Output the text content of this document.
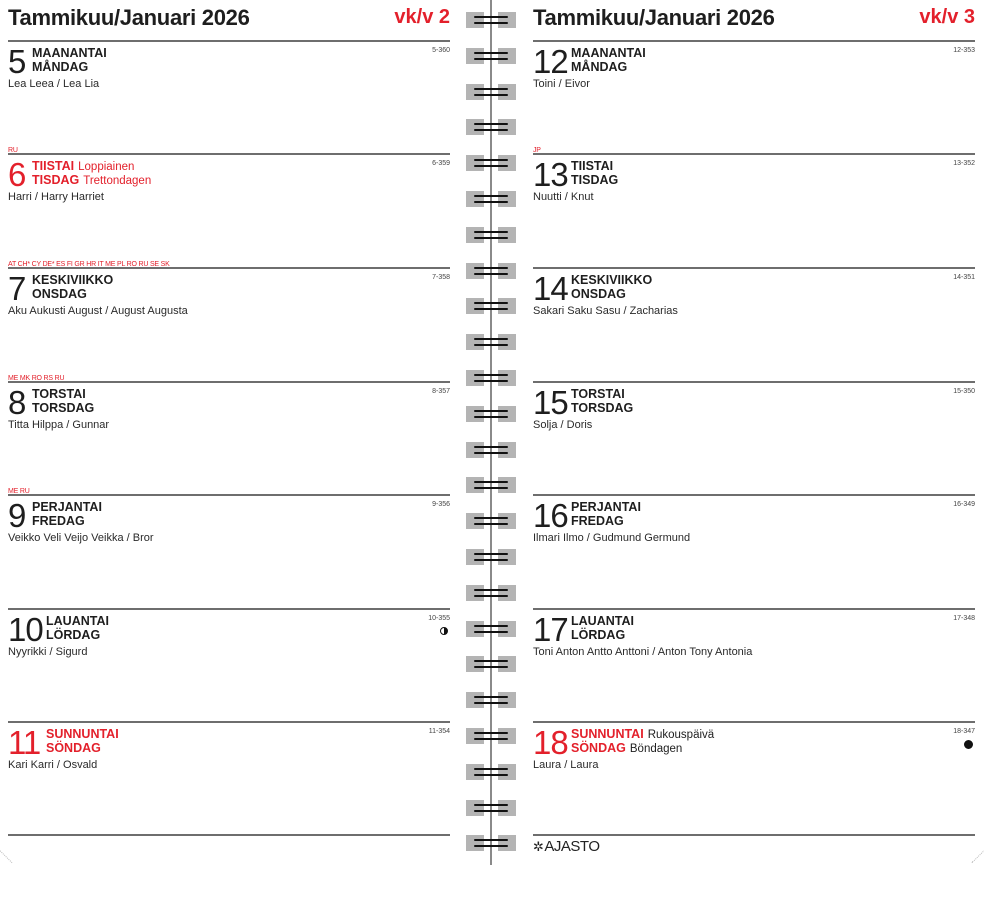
Tammikuu/Januari 2026	vk/v 2
5 MAANANTAI
MÅNDAG
Lea Leea / Lea Lia
5-360
RU
6 TIISTAI Loppiainen
TISDAG Trettondagen
Harri / Harry Harriet
6-359
AT CH* CY DE* ES FI GR HR IT ME PL RO RU SE SK
7 KESKIVIIKKO
ONSDAG
Aku Aukusti August / August Augusta
7-358
ME MK RO RS RU
8 TORSTAI
TORSDAG
Titta Hilppa / Gunnar
8-357
ME RU
9 PERJANTAI
FREDAG
Veikko Veli Veijo Veikka / Bror
9-356
10 LAUANTAI
LÖRDAG
Nyyrikki / Sigurd
10-355
11 SUNNUNTAI
SÖNDAG
Kari Karri / Osvald
11-354
Tammikuu/Januari 2026	vk/v 3
12 MAANANTAI
MÅNDAG
Toini / Eivor
12-353
JP
13 TIISTAI
TISDAG
Nuutti / Knut
13-352
14 KESKIVIIKKO
ONSDAG
Sakari Saku Sasu / Zacharias
14-351
15 TORSTAI
TORSDAG
Solja / Doris
15-350
16 PERJANTAI
FREDAG
Ilmari Ilmo / Gudmund Germund
16-349
17 LAUANTAI
LÖRDAG
Toni Anton Antto Anttoni / Anton Tony Antonia
17-348
18 SUNNUNTAI Rukouspäivä
SÖNDAG Böndagen
Laura / Laura
18-347
✲AJASTO
